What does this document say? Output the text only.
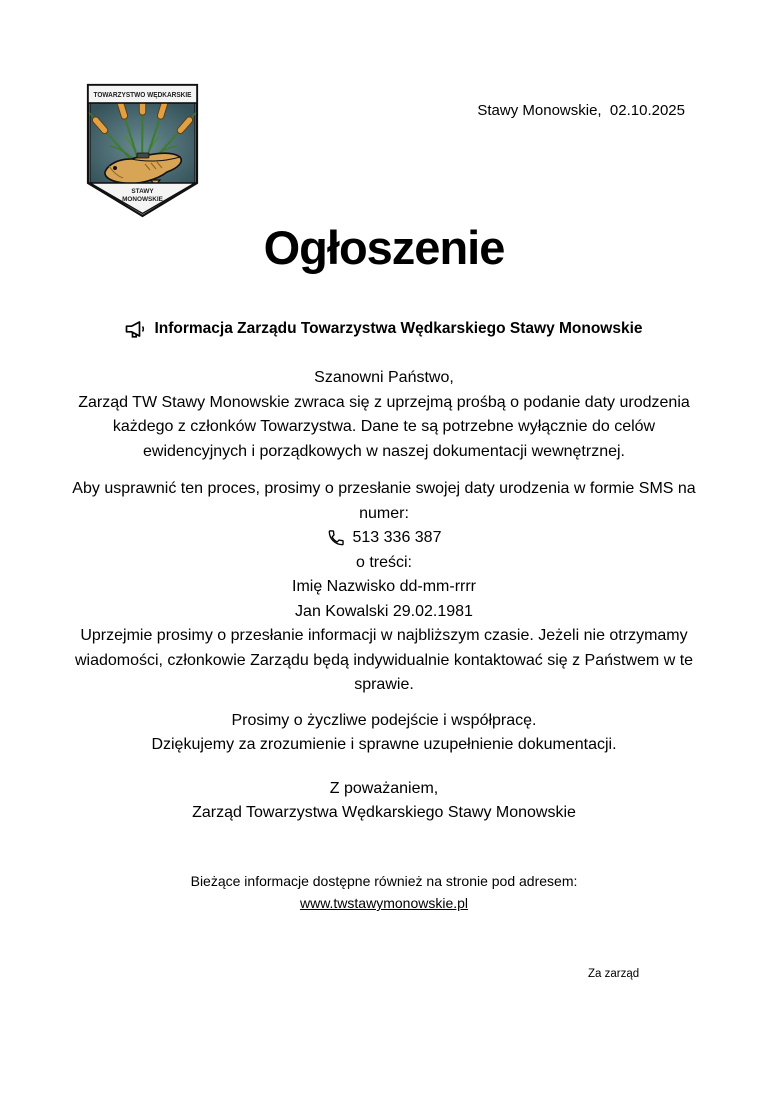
TOWARZYSTWO WĘDKARSKIE
STAWY
MONOWSKIE
Stawy Monowskie,  02.10.2025
Ogłoszenie
Informacja Zarządu Towarzystwa Wędkarskiego Stawy Monowskie
Szanowni Państwo,
Zarząd TW Stawy Monowskie zwraca się z uprzejmą prośbą o podanie daty urodzenia
każdego z członków Towarzystwa. Dane te są potrzebne wyłącznie do celów
ewidencyjnych i porządkowych w naszej dokumentacji wewnętrznej.
Aby usprawnić ten proces, prosimy o przesłanie swojej daty urodzenia w formie SMS na
numer:
513 336 387
o treści:
Imię Nazwisko dd-mm-rrrr
Jan Kowalski 29.02.1981
Uprzejmie prosimy o przesłanie informacji w najbliższym czasie. Jeżeli nie otrzymamy
wiadomości, członkowie Zarządu będą indywidualnie kontaktować się z Państwem w te
sprawie.
Prosimy o życzliwe podejście i współpracę.
Dziękujemy za zrozumienie i sprawne uzupełnienie dokumentacji.
Z poważaniem,
Zarząd Towarzystwa Wędkarskiego Stawy Monowskie
Bieżące informacje dostępne również na stronie pod adresem:
www.twstawymonowskie.pl
Za zarząd
